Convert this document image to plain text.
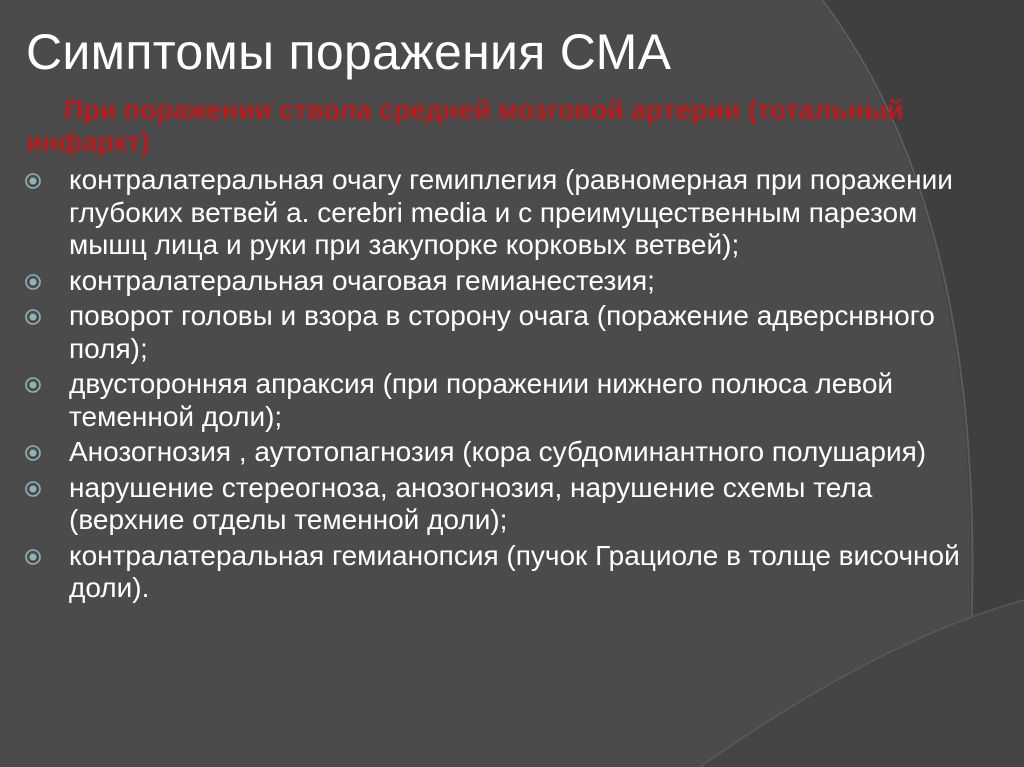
Симптомы поражения СМА
При поражении ствола средней мозговой артерии (тотальный инфаркт)
контралатеральная очагу гемиплегия (равномерная при поражении глубоких ветвей a. cerebri media и с преимущественным парезом мышц лица и руки при закупорке корковых ветвей);
контралатеральная очаговая гемианестезия;
поворот головы и взора в сторону очага (поражение адверснвного поля);
двусторонняя апраксия (при поражении нижнего полюса левой теменной доли);
Анозогнозия , аутотопагнозия (кора субдоминантного полушария)
нарушение стереогноза, анозогнозия, нарушение схемы тела (верхние отделы теменной доли);
контралатеральная гемианопсия (пучок Грациоле в толще височной доли).
